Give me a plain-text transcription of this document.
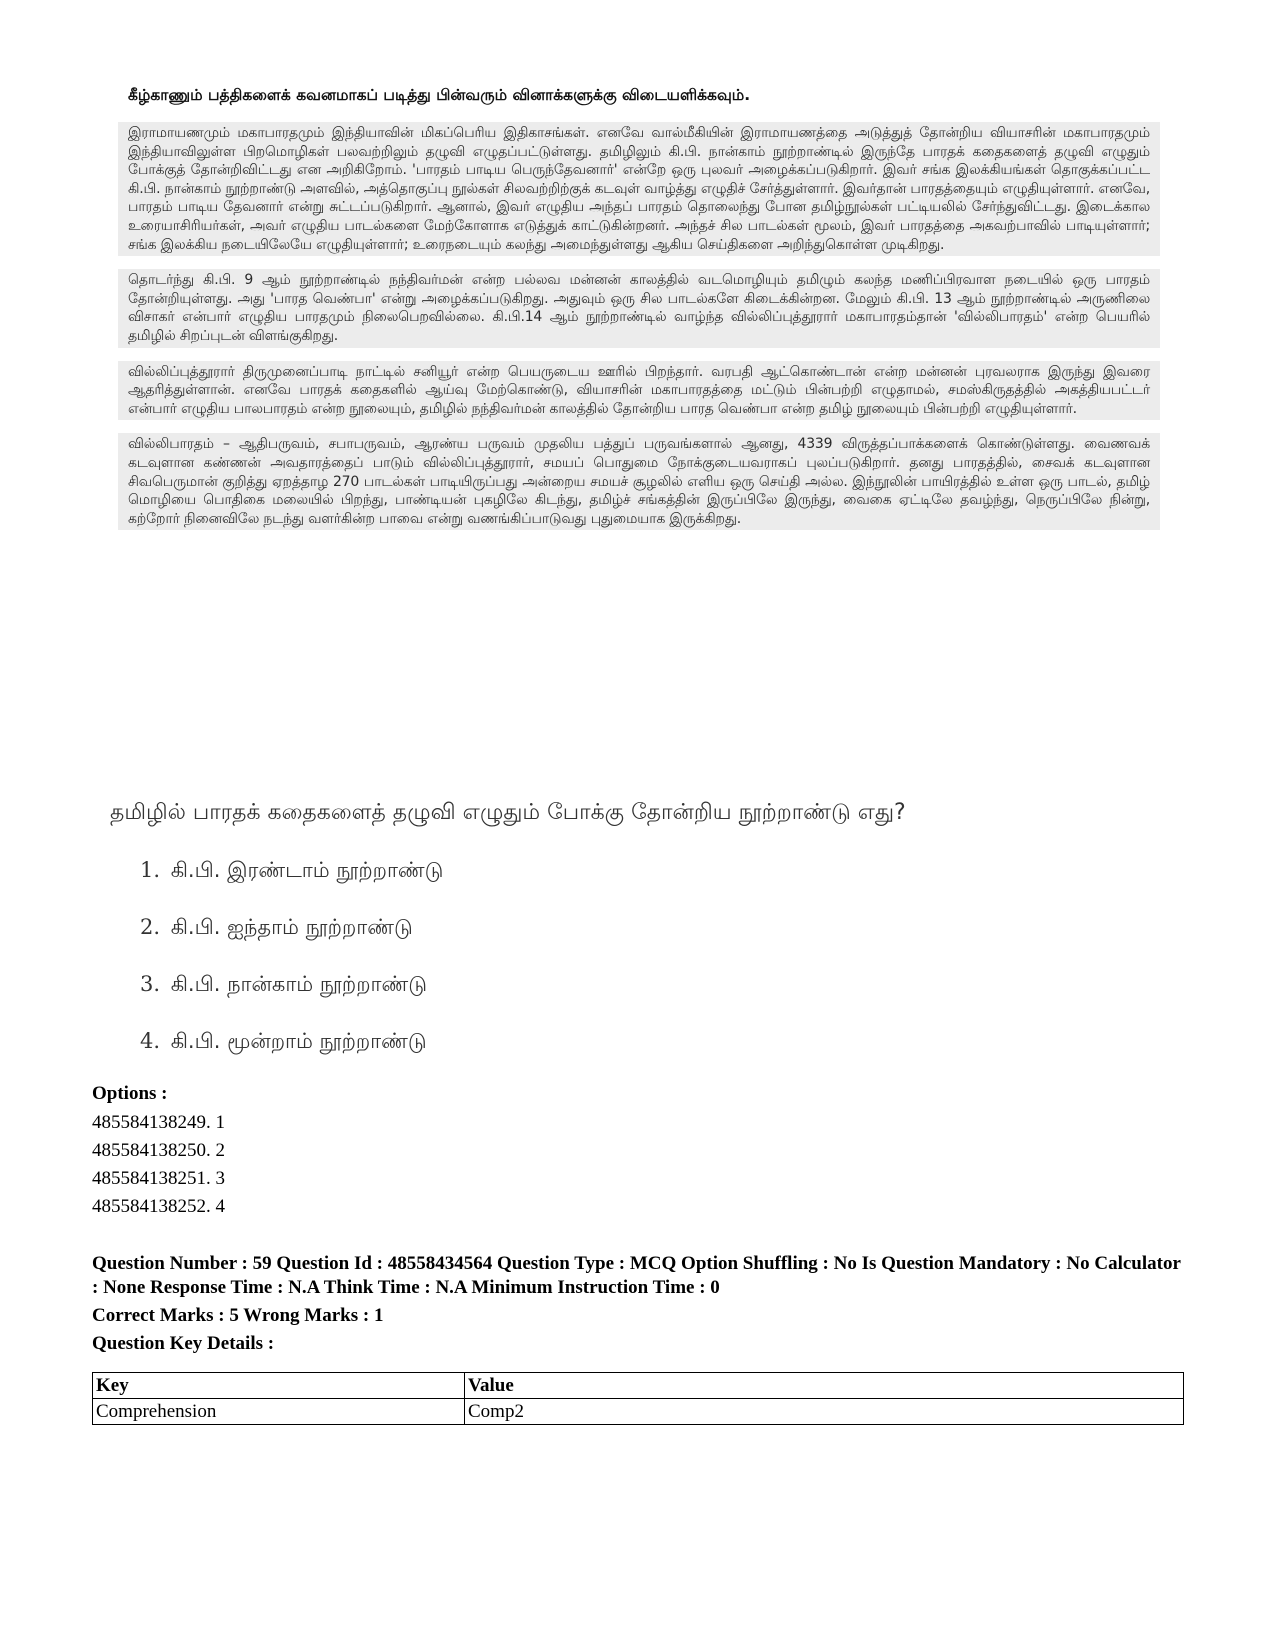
கீழ்காணும் பத்திகளைக் கவனமாகப் படித்து பின்வரும் வினாக்களுக்கு விடையளிக்கவும்.

இராமாயணமும் மகாபாரதமும் இந்தியாவின் மிகப்பெரிய இதிகாசங்கள். எனவே வால்மீகியின் இராமாயணத்தை அடுத்துத் தோன்றிய வியாசரின் மகாபாரதமும் இந்தியாவிலுள்ள பிறமொழிகள் பலவற்றிலும் தழுவி எழுதப்பட்டுள்ளது. தமிழிலும் கி.பி. நான்காம் நூற்றாண்டில் இருந்தே பாரதக் கதைகளைத் தழுவி எழுதும் போக்குத் தோன்றிவிட்டது என அறிகிறோம். 'பாரதம் பாடிய பெருந்தேவனார்' என்றே ஒரு புலவர் அழைக்கப்படுகிறார். இவர் சங்க இலக்கியங்கள் தொகுக்கப்பட்ட கி.பி. நான்காம் நூற்றாண்டு அளவில், அத்தொகுப்பு நூல்கள் சிலவற்றிற்குக் கடவுள் வாழ்த்து எழுதிச் சேர்த்துள்ளார். இவர்தான் பாரதத்தையும் எழுதியுள்ளார். எனவே, பாரதம் பாடிய தேவனார் என்று சுட்டப்படுகிறார். ஆனால், இவர் எழுதிய அந்தப் பாரதம் தொலைந்து போன தமிழ்நூல்கள் பட்டியலில் சேர்ந்துவிட்டது. இடைக்கால உரையாசிரியர்கள், அவர் எழுதிய பாடல்களை மேற்கோளாக எடுத்துக் காட்டுகின்றனர். அந்தச் சில பாடல்கள் மூலம், இவர் பாரதத்தை அகவற்பாவில் பாடியுள்ளார்; சங்க இலக்கிய நடையிலேயே எழுதியுள்ளார்; உரைநடையும் கலந்து அமைந்துள்ளது ஆகிய செய்திகளை அறிந்துகொள்ள முடிகிறது.

தொடர்ந்து கி.பி. 9 ஆம் நூற்றாண்டில் நந்திவர்மன் என்ற பல்லவ மன்னன் காலத்தில் வடமொழியும் தமிழும் கலந்த மணிப்பிரவாள நடையில் ஒரு பாரதம் தோன்றியுள்ளது. அது 'பாரத வெண்பா' என்று அழைக்கப்படுகிறது. அதுவும் ஒரு சில பாடல்களே கிடைக்கின்றன. மேலும் கி.பி. 13 ஆம் நூற்றாண்டில் அருணிலை விசாகர் என்பார் எழுதிய பாரதமும் நிலைபெறவில்லை. கி.பி.14 ஆம் நூற்றாண்டில் வாழ்ந்த வில்லிப்புத்தூரார் மகாபாரதம்தான் 'வில்லிபாரதம்' என்ற பெயரில் தமிழில் சிறப்புடன் விளங்குகிறது.

வில்லிப்புத்தூரார் திருமுனைப்பாடி நாட்டில் சனியூர் என்ற பெயருடைய ஊரில் பிறந்தார். வரபதி ஆட்கொண்டான் என்ற மன்னன் புரவலராக இருந்து இவரை ஆதரித்துள்ளான். எனவே பாரதக் கதைகளில் ஆய்வு மேற்கொண்டு, வியாசரின் மகாபாரதத்தை மட்டும் பின்பற்றி எழுதாமல், சமஸ்கிருதத்தில் அகத்தியபட்டர் என்பார் எழுதிய பாலபாரதம் என்ற நூலையும், தமிழில் நந்திவர்மன் காலத்தில் தோன்றிய பாரத வெண்பா என்ற தமிழ் நூலையும் பின்பற்றி எழுதியுள்ளார்.

வில்லிபாரதம் – ஆதிபருவம், சபாபருவம், ஆரண்ய பருவம் முதலிய பத்துப் பருவங்களால் ஆனது, 4339 விருத்தப்பாக்களைக் கொண்டுள்ளது. வைணவக் கடவுளான கண்ணன் அவதாரத்தைப் பாடும் வில்லிப்புத்தூரார், சமயப் பொதுமை நோக்குடையவராகப் புலப்படுகிறார். தனது பாரதத்தில், சைவக் கடவுளான சிவபெருமான் குறித்து ஏறத்தாழ 270 பாடல்கள் பாடியிருப்பது அன்றைய சமயச் சூழலில் எளிய ஒரு செய்தி அல்ல. இந்நூலின் பாயிரத்தில் உள்ள ஒரு பாடல், தமிழ் மொழியை பொதிகை மலையில் பிறந்து, பாண்டியன் புகழிலே கிடந்து, தமிழ்ச் சங்கத்தின் இருப்பிலே இருந்து, வைகை ஏட்டிலே தவழ்ந்து, நெருப்பிலே நின்று, கற்றோர் நினைவிலே நடந்து வளர்கின்ற பாவை என்று வணங்கிப்பாடுவது புதுமையாக இருக்கிறது.

தமிழில் பாரதக் கதைகளைத் தழுவி எழுதும் போக்கு தோன்றிய நூற்றாண்டு எது?
1. கி.பி. இரண்டாம் நூற்றாண்டு
2. கி.பி. ஐந்தாம் நூற்றாண்டு
3. கி.பி. நான்காம் நூற்றாண்டு
4. கி.பி. மூன்றாம் நூற்றாண்டு
Options :
485584138249. 1
485584138250. 2
485584138251. 3
485584138252. 4
Question Number : 59 Question Id : 48558434564 Question Type : MCQ Option Shuffling : No Is Question Mandatory : No Calculator : None Response Time : N.A Think Time : N.A Minimum Instruction Time : 0
Correct Marks : 5 Wrong Marks : 1
Question Key Details :
Key	Value
Comprehension	Comp2
